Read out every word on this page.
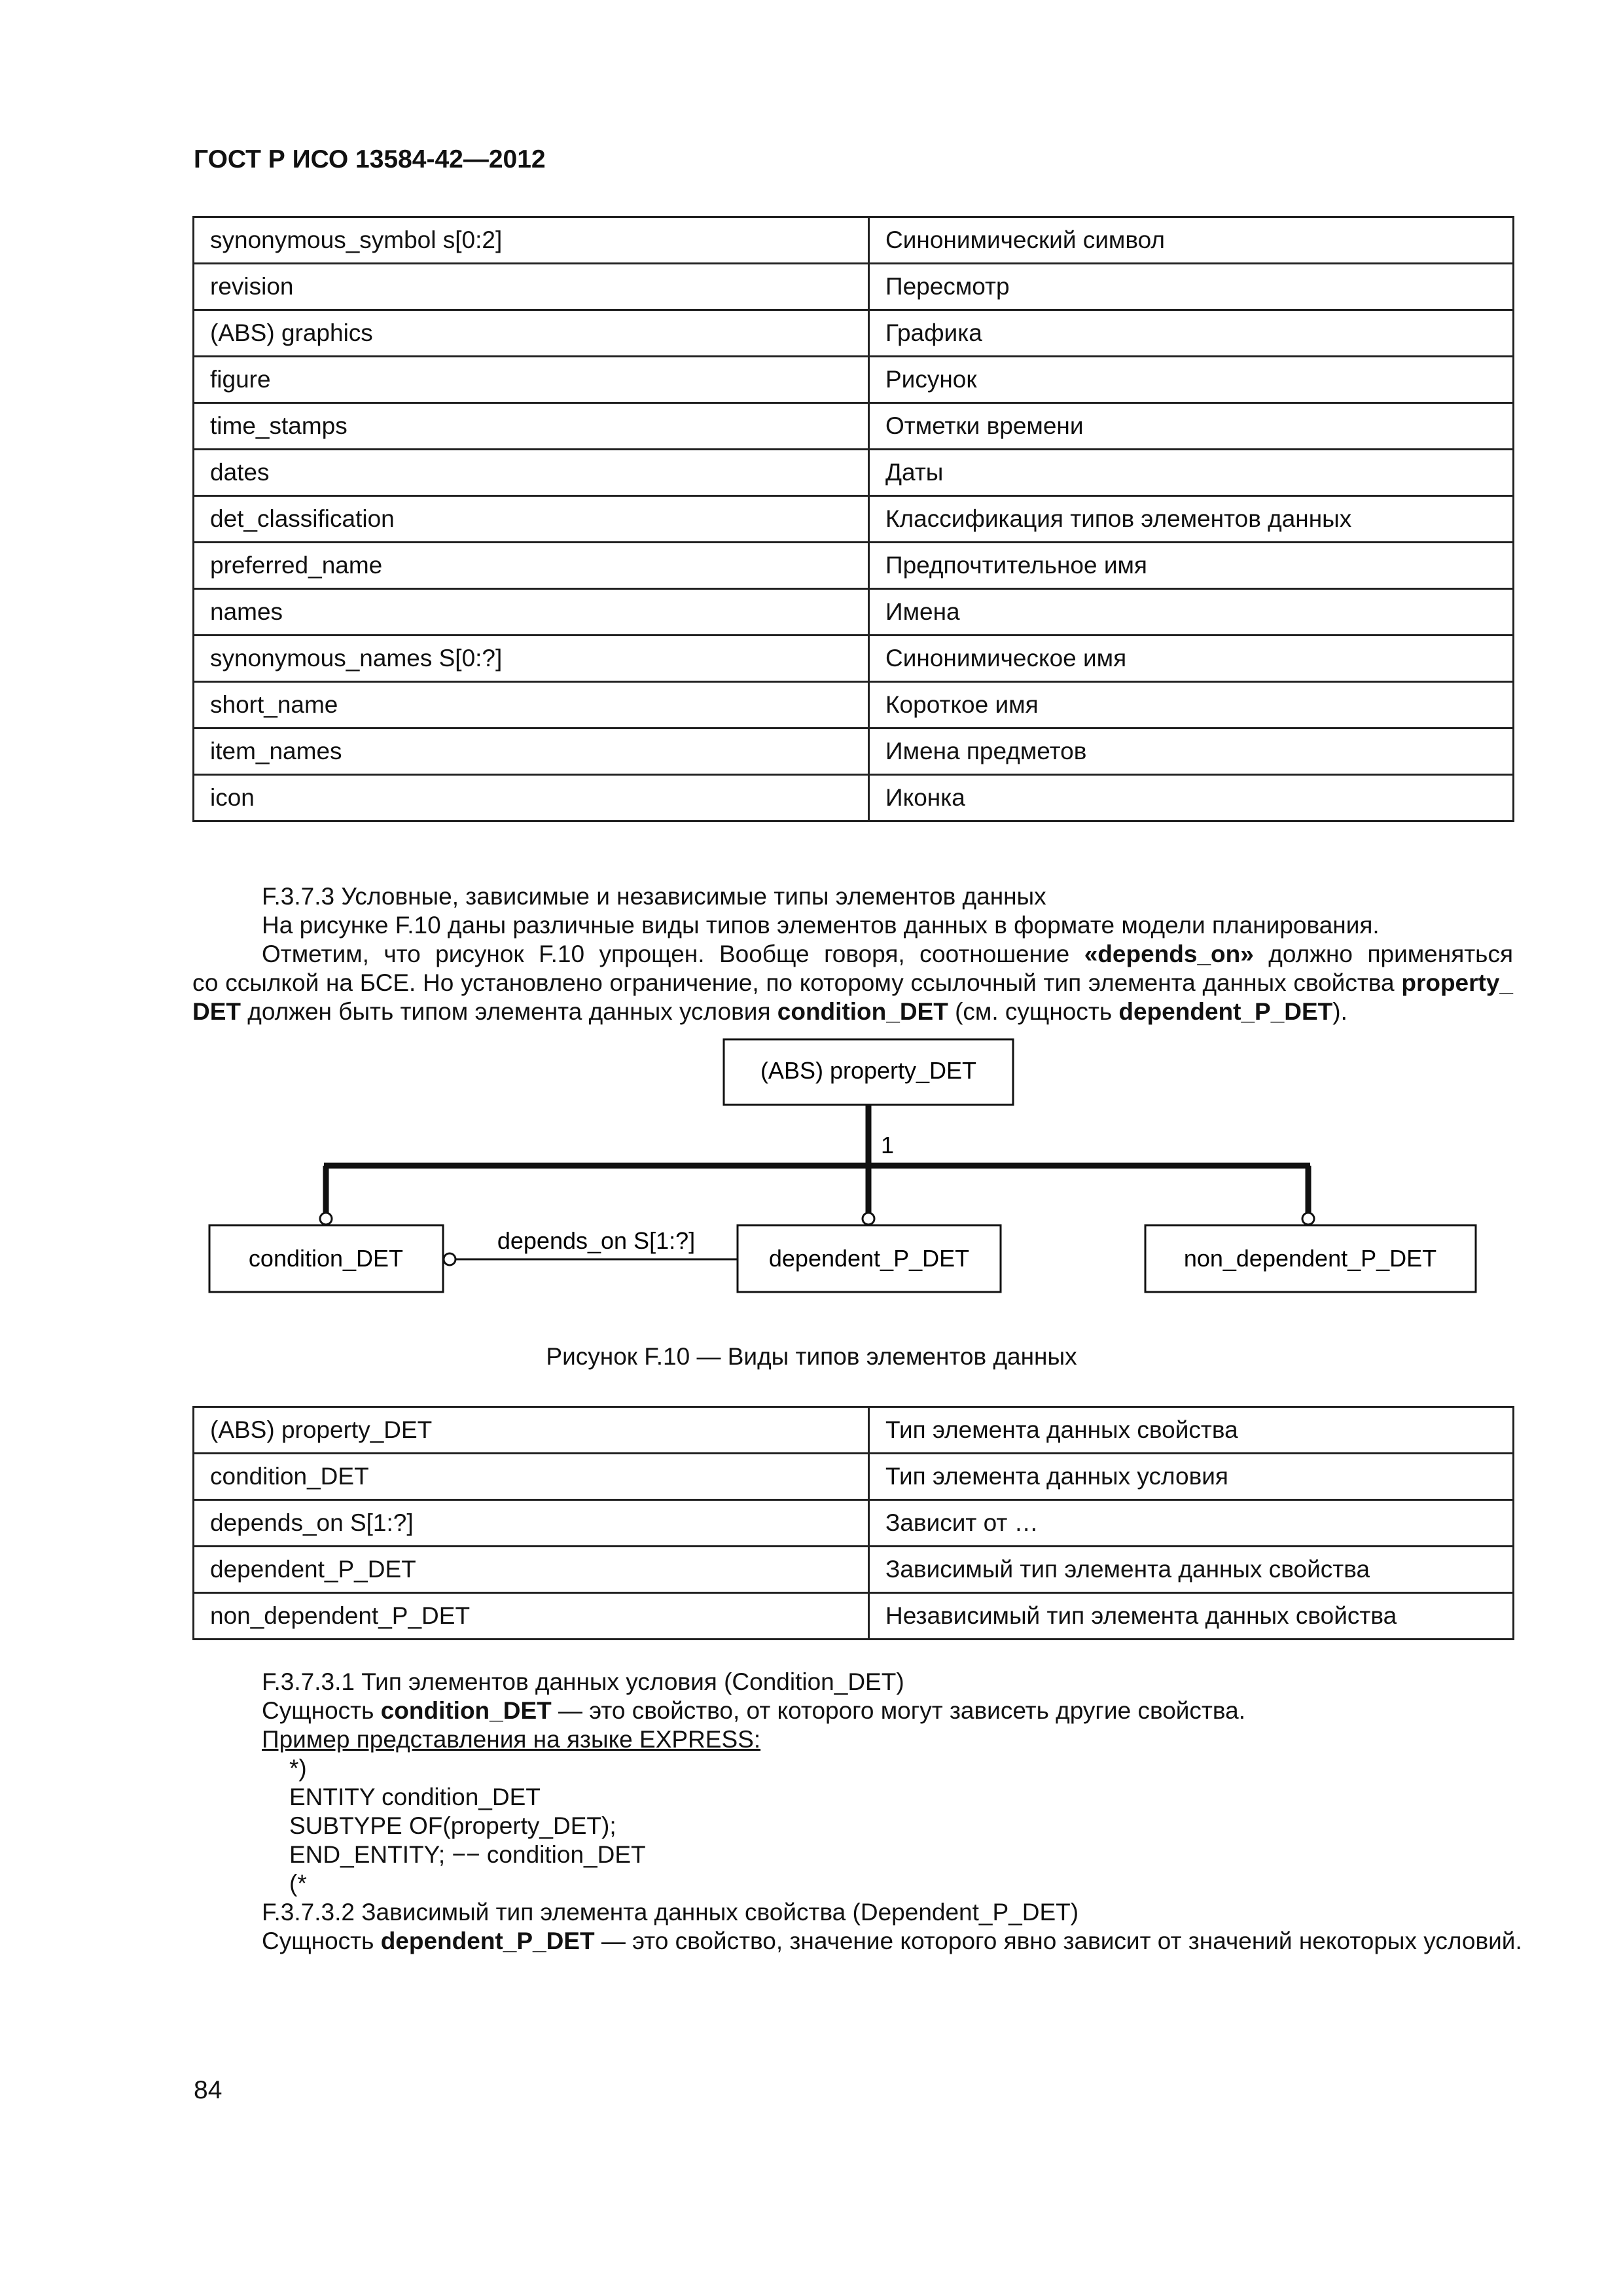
ГОСТ Р ИСО 13584-42—2012
synonymous_symbol s[0:2]	Синонимический символ
revision	Пересмотр
(ABS) graphics	Графика
figure	Рисунок
time_stamps	Отметки времени
dates	Даты
det_classification	Классификация типов элементов данных
preferred_name	Предпочтительное имя
names	Имена
synonymous_names S[0:?]	Синонимическое имя
short_name	Короткое имя
item_names	Имена предметов
icon	Иконка
F.3.7.3 Условные, зависимые и независимые типы элементов данных
На рисунке F.10 даны различные виды типов элементов данных в формате модели планирования.
Отметим, что рисунок F.10 упрощен. Вообще говоря, соотношение «depends_on» должно применяться
со ссылкой на БСЕ. Но установлено ограничение, по которому ссылочный тип элемента данных свойства property_
DET должен быть типом элемента данных условия condition_DET (см. сущность dependent_P_DET).
(ABS) property_DET
1
condition_DET	dependent_P_DET	non_dependent_P_DET
depends_on S[1:?]
Рисунок F.10 — Виды типов элементов данных
(ABS) property_DET	Тип элемента данных свойства
condition_DET	Тип элемента данных условия
depends_on S[1:?]	Зависит от …
dependent_P_DET	Зависимый тип элемента данных свойства
non_dependent_P_DET	Независимый тип элемента данных свойства
F.3.7.3.1 Тип элементов данных условия (Condition_DET)
Сущность condition_DET — это свойство, от которого могут зависеть другие свойства.
Пример представления на языке EXPRESS:
*)
ENTITY condition_DET
SUBTYPE OF(property_DET);
END_ENTITY; −− condition_DET
(*
F.3.7.3.2 Зависимый тип элемента данных свойства (Dependent_P_DET)
Сущность dependent_P_DET — это свойство, значение которого явно зависит от значений некоторых условий.
84
